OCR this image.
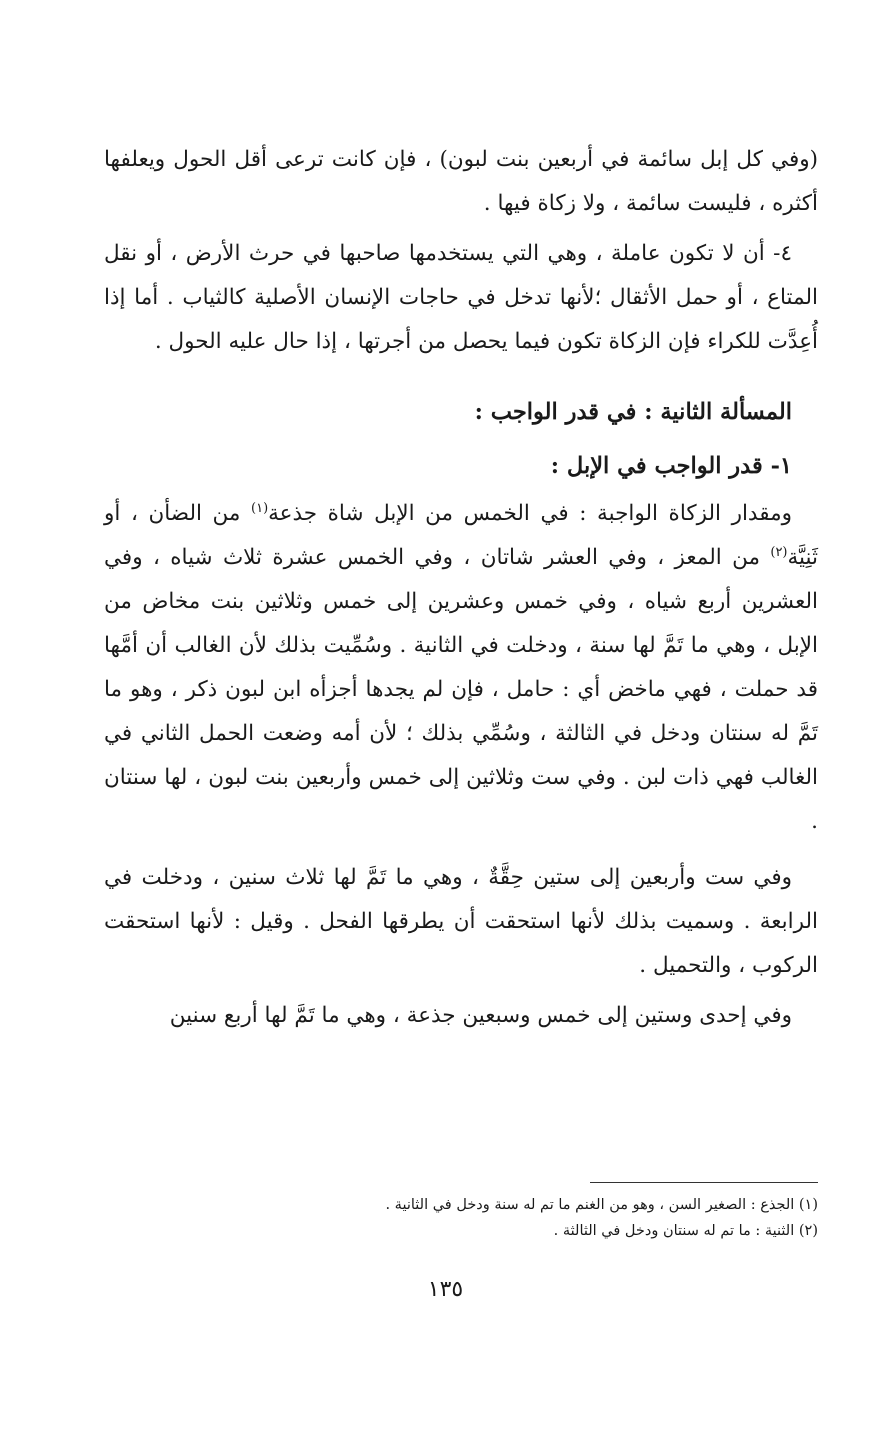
(وفي كل إبل سائمة في أربعين بنت لبون) ، فإن كانت ترعى أقل الحول ويعلفها أكثره ، فليست سائمة ، ولا زكاة فيها .

٤- أن لا تكون عاملة ، وهي التي يستخدمها صاحبها في حرث الأرض ، أو نقل المتاع ، أو حمل الأثقال ؛لأنها تدخل في حاجات الإنسان الأصلية كالثياب . أما إذا أُعِدَّت للكراء فإن الزكاة تكون فيما يحصل من أجرتها ، إذا حال عليه الحول .

المسألة الثانية : في قدر الواجب :

١- قدر الواجب في الإبل :

ومقدار الزكاة الواجبة : في الخمس من الإبل شاة جذعة$^{(١)}$ من الضأن ، أو ثَنِيَّة$^{(٢)}$ من المعز ، وفي العشر شاتان ، وفي الخمس عشرة ثلاث شياه ، وفي العشرين أربع شياه ، وفي خمس وعشرين إلى خمس وثلاثين بنت مخاض من الإبل ، وهي ما تَمَّ لها سنة ، ودخلت في الثانية . وسُمِّيت بذلك لأن الغالب أن أمَّها قد حملت ، فهي ماخض أي : حامل ، فإن لم يجدها أجزأه ابن لبون ذكر ، وهو ما تَمَّ له سنتان ودخل في الثالثة ، وسُمِّي بذلك ؛ لأن أمه وضعت الحمل الثاني في الغالب فهي ذات لبن . وفي ست وثلاثين إلى خمس وأربعين بنت لبون ، لها سنتان .

وفي ست وأربعين إلى ستين حِقَّةٌ ، وهي ما تَمَّ لها ثلاث سنين ، ودخلت في الرابعة . وسميت بذلك لأنها استحقت أن يطرقها الفحل . وقيل : لأنها استحقت الركوب ، والتحميل .

وفي إحدى وستين إلى خمس وسبعين جذعة ، وهي ما تَمَّ لها أربع سنين

(١) الجذع : الصغير السن ، وهو من الغنم ما تم له سنة ودخل في الثانية .

(٢) الثنية : ما تم له سنتان ودخل في الثالثة .

١٣٥
